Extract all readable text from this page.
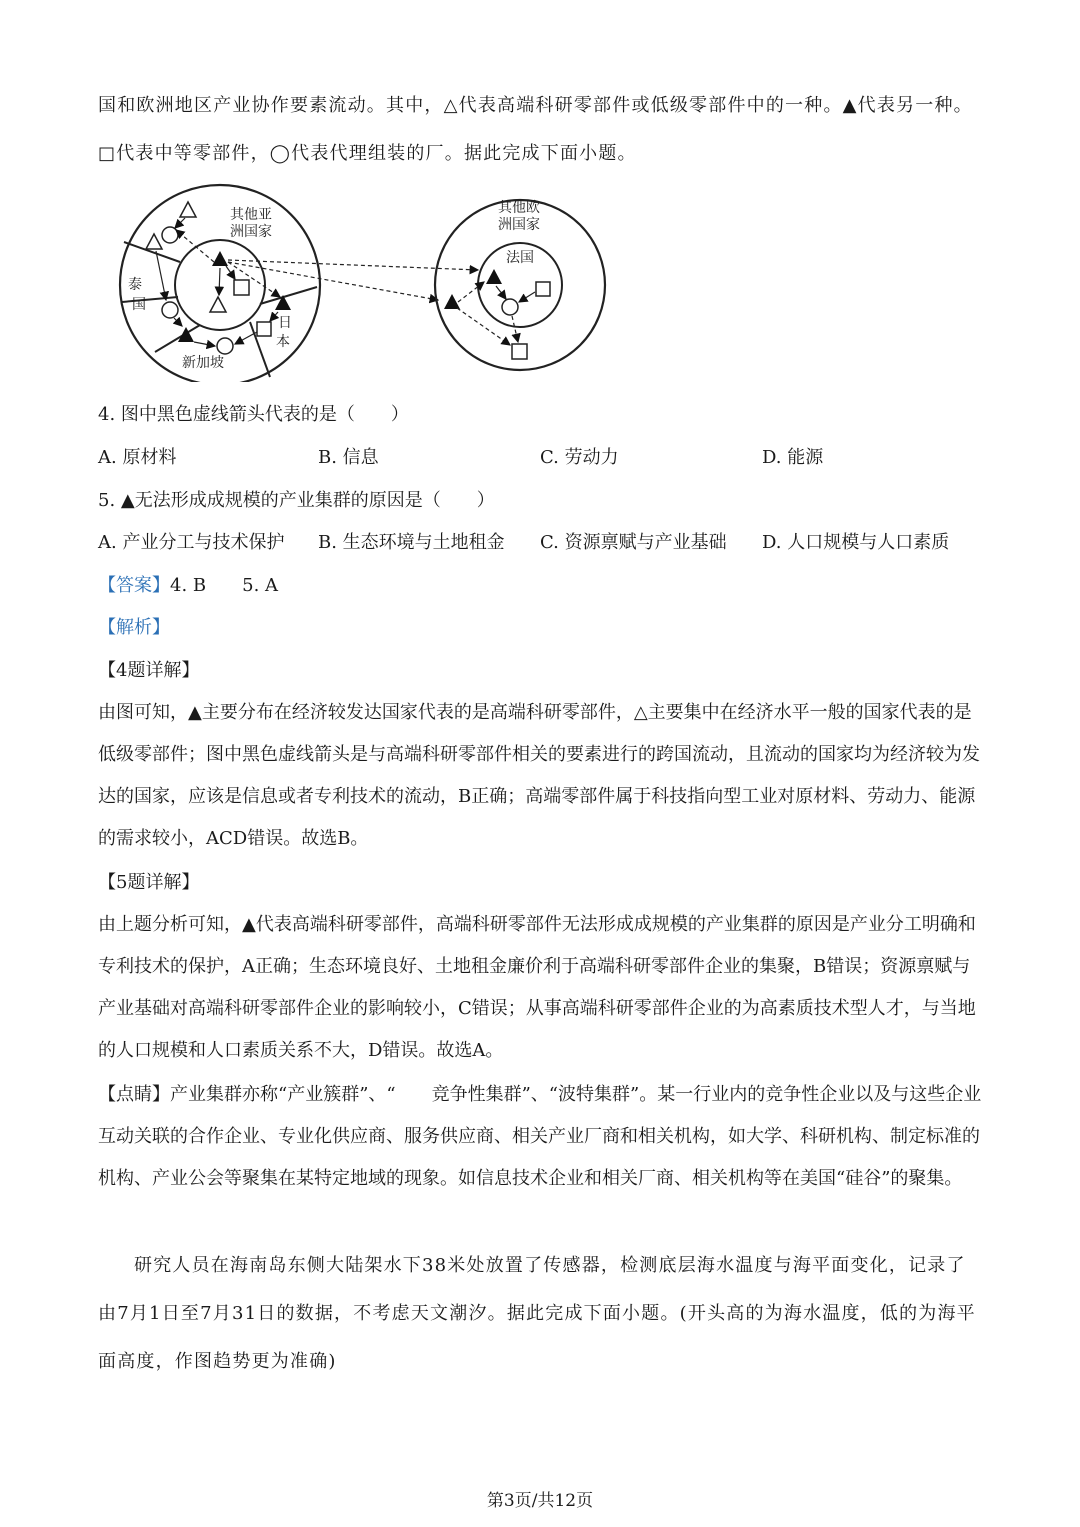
国和欧洲地区产业协作要素流动。其中，△代表高端科研零部件或低级零部件中的一种。▲代表另一种。□代表中等零部件，◯代表代理组装的厂。据此完成下面小题。

其他亚
洲国家
泰
国
新加坡
日
本
其他欧
洲国家
法国
4. 图中黑色虚线箭头代表的是（　　）
A. 原材料	B. 信息	C. 劳动力	D. 能源
5. ▲无法形成成规模的产业集群的原因是（　　）
A. 产业分工与技术保护 B. 生态环境与土地租金 C. 资源禀赋与产业基础 D. 人口规模与人口素质
【答案】4. B　　5. A
【解析】
【4题详解】

由图可知，▲主要分布在经济较发达国家代表的是高端科研零部件，△主要集中在经济水平一般的国家代表的是低级零部件；图中黑色虚线箭头是与高端科研零部件相关的要素进行的跨国流动，且流动的国家均为经济较为发达的国家，应该是信息或者专利技术的流动，B正确；高端零部件属于科技指向型工业对原材料、劳动力、能源的需求较小，ACD错误。故选B。

【5题详解】

由上题分析可知，▲代表高端科研零部件，高端科研零部件无法形成成规模的产业集群的原因是产业分工明确和专利技术的保护，A正确；生态环境良好、土地租金廉价利于高端科研零部件企业的集聚，B错误；资源禀赋与产业基础对高端科研零部件企业的影响较小，C错误；从事高端科研零部件企业的为高素质技术型人才，与当地的人口规模和人口素质关系不大，D错误。故选A。

【点睛】产业集群亦称“产业簇群”、“　　竞争性集群”、“波特集群”。某一行业内的竞争性企业以及与这些企业互动关联的合作企业、专业化供应商、服务供应商、相关产业厂商和相关机构，如大学、科研机构、制定标准的机构、产业公会等聚集在某特定地域的现象。如信息技术企业和相关厂商、相关机构等在美国“硅谷”的聚集。

研究人员在海南岛东侧大陆架水下38米处放置了传感器，检测底层海水温度与海平面变化，记录了由7月1日至7月31日的数据，不考虑天文潮汐。据此完成下面小题。(开头高的为海水温度，低的为海平面高度，作图趋势更为准确)

第3页/共12页
